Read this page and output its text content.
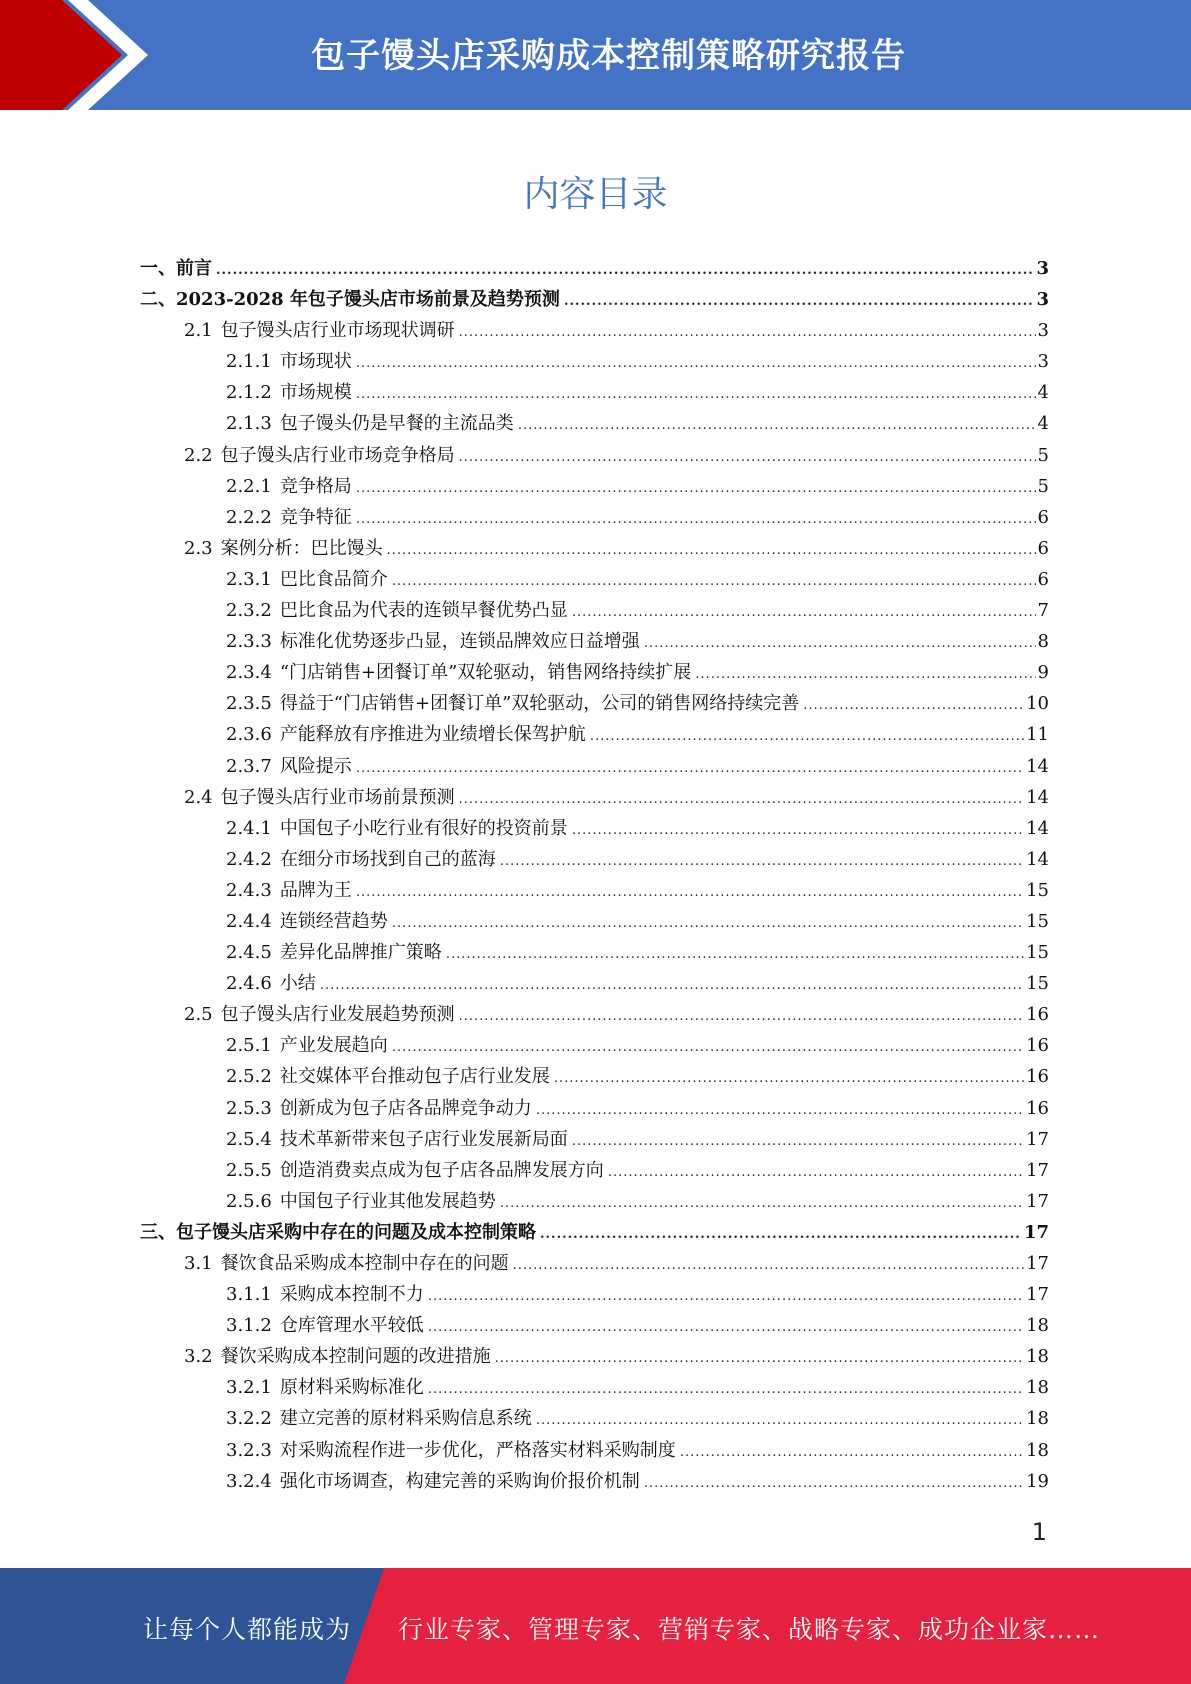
包子馒头店采购成本控制策略研究报告
内容目录
一、前言 .....	3
二、2023-2028 年包子馒头店市场前景及趋势预测 .....	3
2.1 包子馒头店行业市场现状调研 .....	3
2.1.1 市场现状 .....	3
2.1.2 市场规模 .....	4
2.1.3 包子馒头仍是早餐的主流品类 .....	4
2.2 包子馒头店行业市场竞争格局 .....	5
2.2.1 竞争格局 .....	5
2.2.2 竞争特征 .....	6
2.3 案例分析：巴比馒头 .....	6
2.3.1 巴比食品简介 .....	6
2.3.2 巴比食品为代表的连锁早餐优势凸显 .....	7
2.3.3 标准化优势逐步凸显，连锁品牌效应日益增强 .....	8
2.3.4 “门店销售+团餐订单”双轮驱动，销售网络持续扩展 .....	9
2.3.5 得益于“门店销售+团餐订单”双轮驱动，公司的销售网络持续完善 .....	10
2.3.6 产能释放有序推进为业绩增长保驾护航 .....	11
2.3.7 风险提示 .....	14
2.4 包子馒头店行业市场前景预测 .....	14
2.4.1 中国包子小吃行业有很好的投资前景 .....	14
2.4.2 在细分市场找到自己的蓝海 .....	14
2.4.3 品牌为王 .....	15
2.4.4 连锁经营趋势 .....	15
2.4.5 差异化品牌推广策略 .....	15
2.4.6 小结 .....	15
2.5 包子馒头店行业发展趋势预测 .....	16
2.5.1 产业发展趋向 .....	16
2.5.2 社交媒体平台推动包子店行业发展 .....	16
2.5.3 创新成为包子店各品牌竞争动力 .....	16
2.5.4 技术革新带来包子店行业发展新局面 .....	17
2.5.5 创造消费卖点成为包子店各品牌发展方向 .....	17
2.5.6 中国包子行业其他发展趋势 .....	17
三、包子馒头店采购中存在的问题及成本控制策略 .....	17
3.1 餐饮食品采购成本控制中存在的问题 .....	17
3.1.1 采购成本控制不力 .....	17
3.1.2 仓库管理水平较低 .....	18
3.2 餐饮采购成本控制问题的改进措施 .....	18
3.2.1 原材料采购标准化 .....	18
3.2.2 建立完善的原材料采购信息系统 .....	18
3.2.3 对采购流程作进一步优化，严格落实材料采购制度 .....	18
3.2.4 强化市场调查，构建完善的采购询价报价机制 .....	19
1
让每个人都能成为 行业专家、管理专家、营销专家、战略专家、成功企业家……
